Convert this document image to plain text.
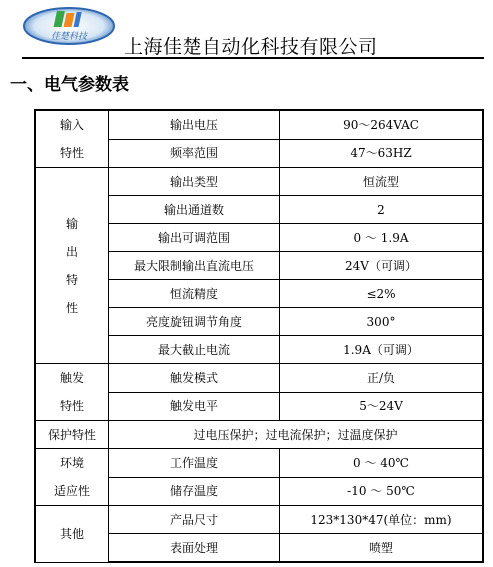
佳楚科技 上海佳楚自动化科技有限公司
一、电气参数表
输入
特性	输出电压	90～264VAC
	频率范围	47～63HZ

输
出
特
性	输出类型	恒流型
	输出通道数	2
	输出可调范围	0 ～ 1.9A
	最大限制输出直流电压	24V（可调）
	恒流精度	≤2%
	亮度旋钮调节角度	300°
	最大截止电流	1.9A（可调）

触发
特性	触发模式	正/负
	触发电平	5～24V
保护特性	过电压保护；过电流保护；过温度保护	

环境
适应性	工作温度	0 ～ 40℃
	储存温度	-10 ～ 50℃
其他	产品尺寸	123*130*47(单位：mm)
	表面处理	喷塑
